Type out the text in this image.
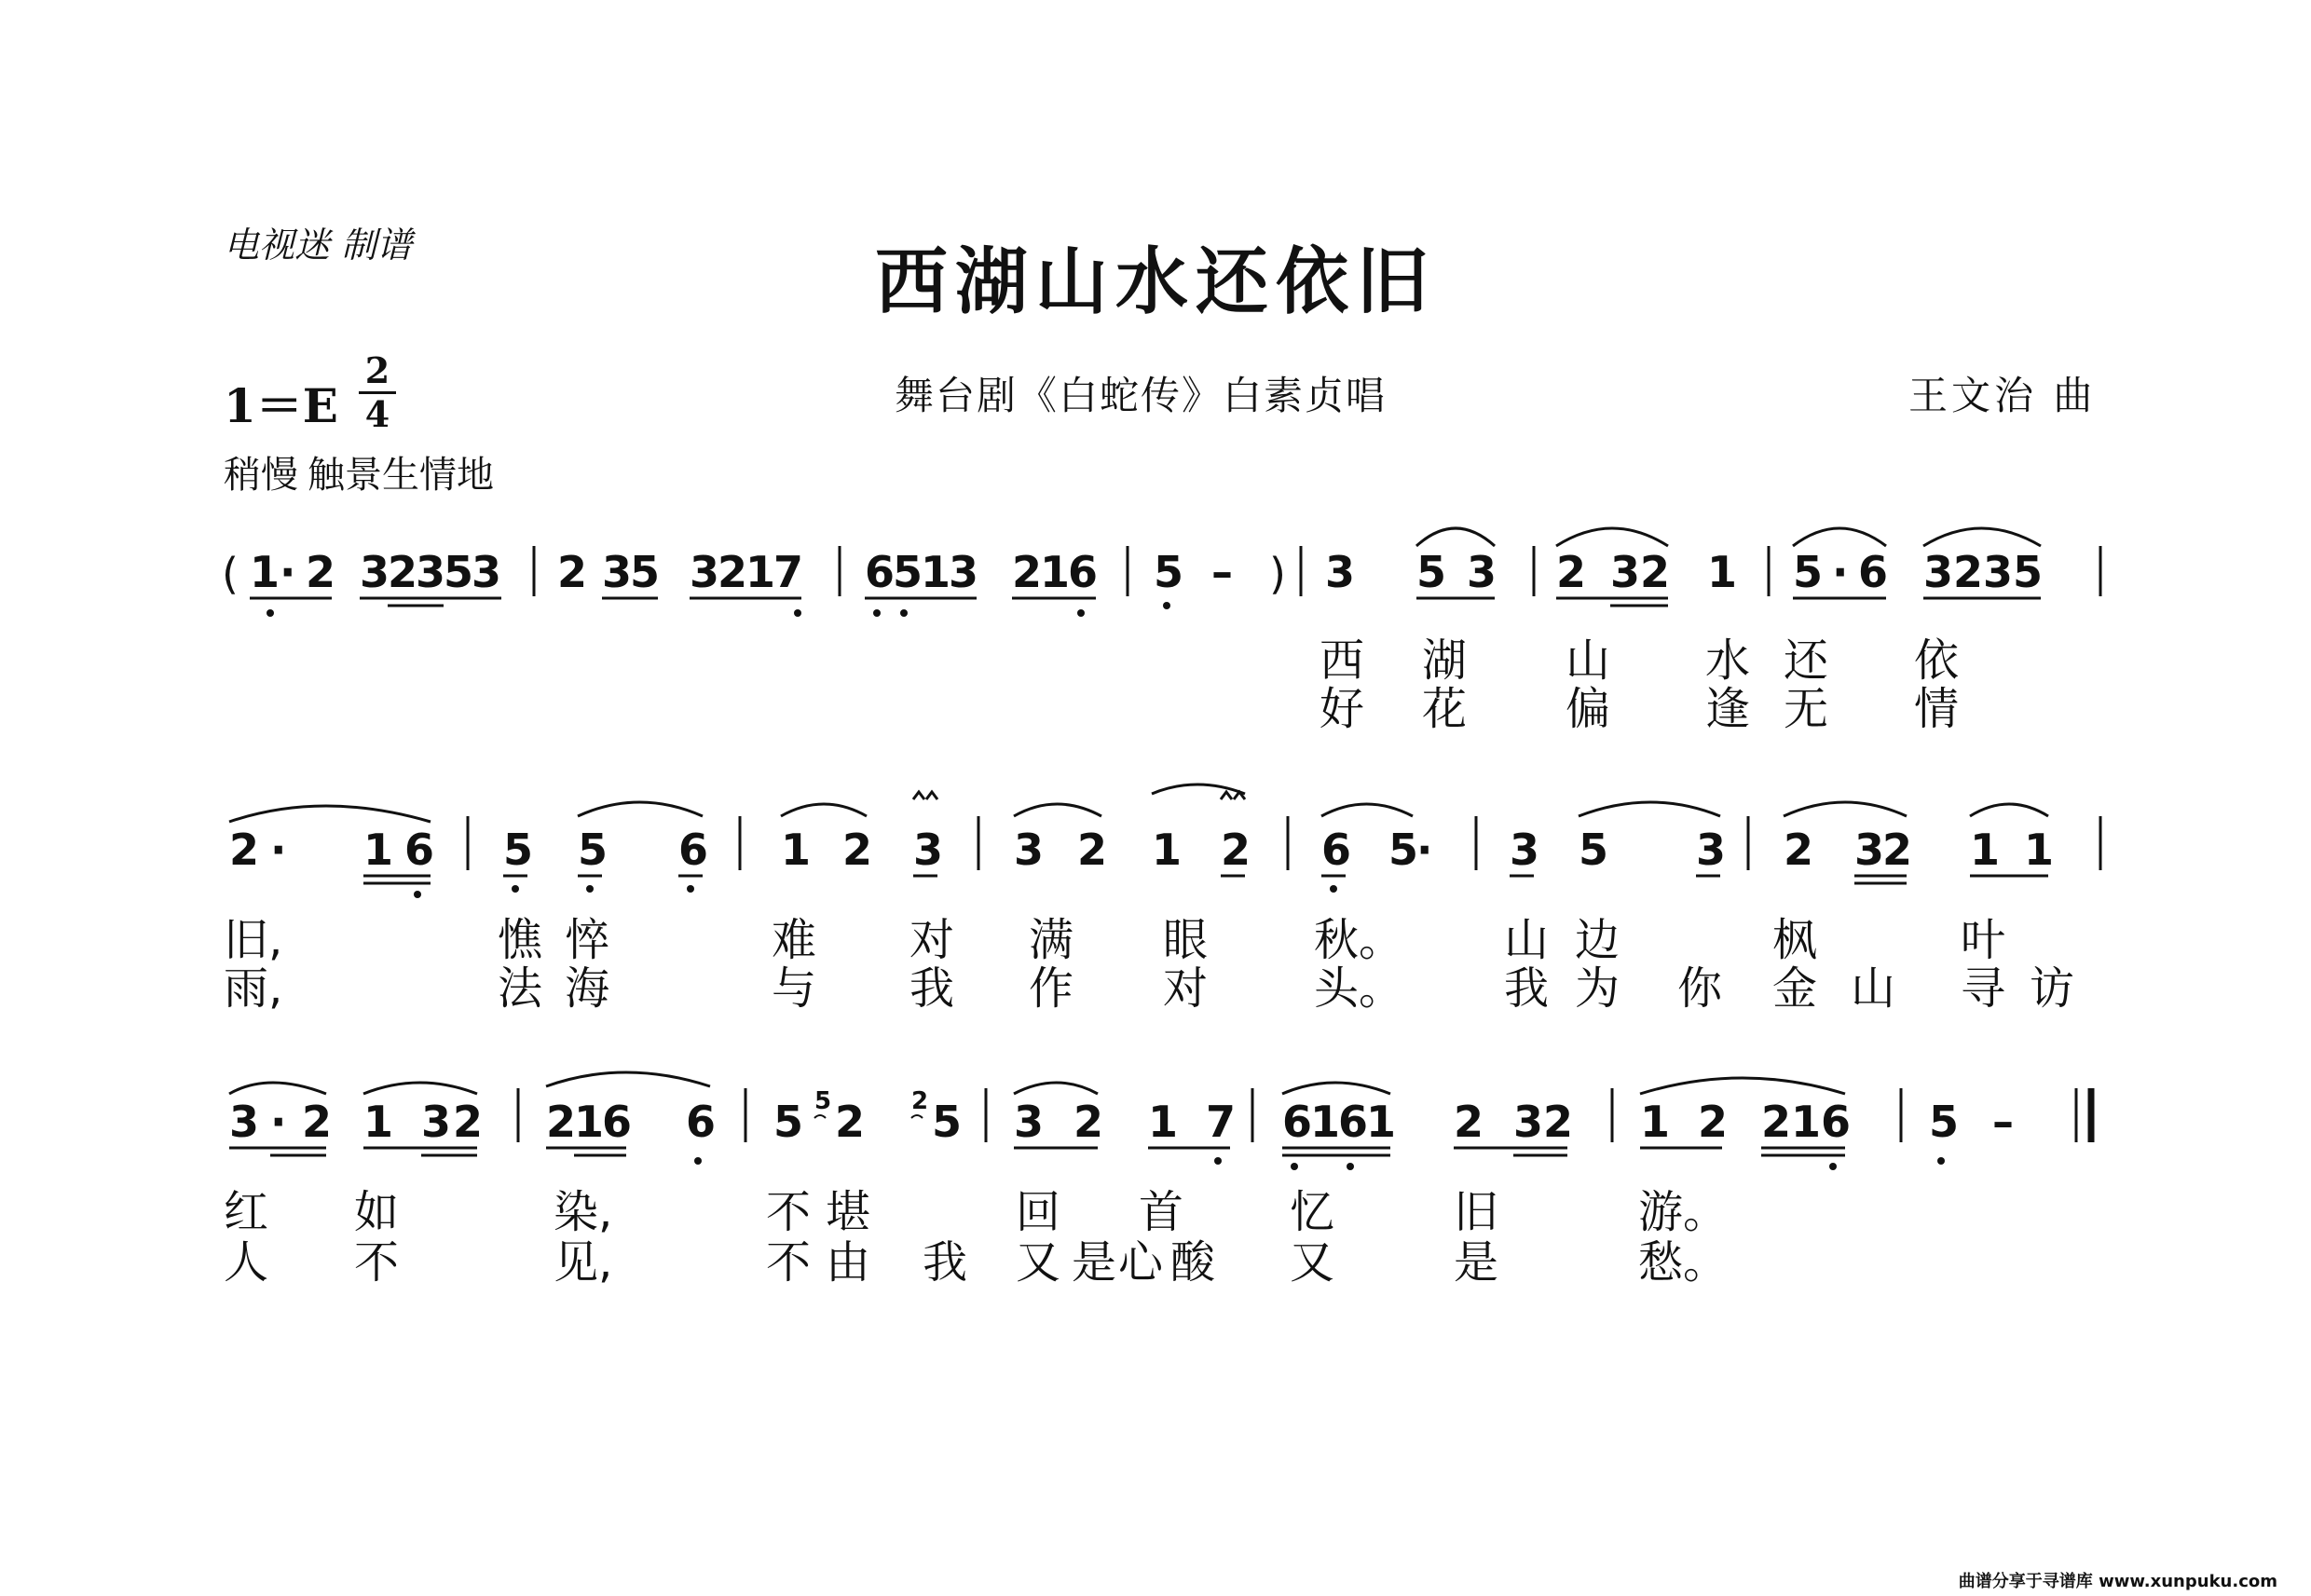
电视迷 制谱	西湖山水还依旧
1＝E
2
4	舞台剧《白蛇传》白素贞唱	王文治 曲
稍慢 触景生情地
( 1 · 2 3
2
3
5
3 2 3
5 3
2
1
7 6
5
1
3 2
1
6 5 – ) 3 5 3 2 3 2 1 5 · 6 3 2 3 5
2 · 1 6 5 5 6 1 2 3 3 2 1 2 6 5
· 3 5 3 2 3
2 1 1
3 · 2 1 3 2 2
1
6 6 5 5 2 2 5 3 2 1 7 6
1
6
1 2 3 2 1 2 2 1 6 5 –
西 湖 山 水 还 依
好 花 偏 逢 无 情
旧,	憔 悴	难 对 满 眼 秋。 山 边	枫	叶
雨,	法 海	与 我 作 对 头。 我 为 你 金 山 寻 访
红 如	染,	不 堪	回 首 忆	旧	游。
人 不	见,	不 由 我 又 是 心 酸 又	是	愁。
曲谱分享于寻谱库 www.xunpuku.com
